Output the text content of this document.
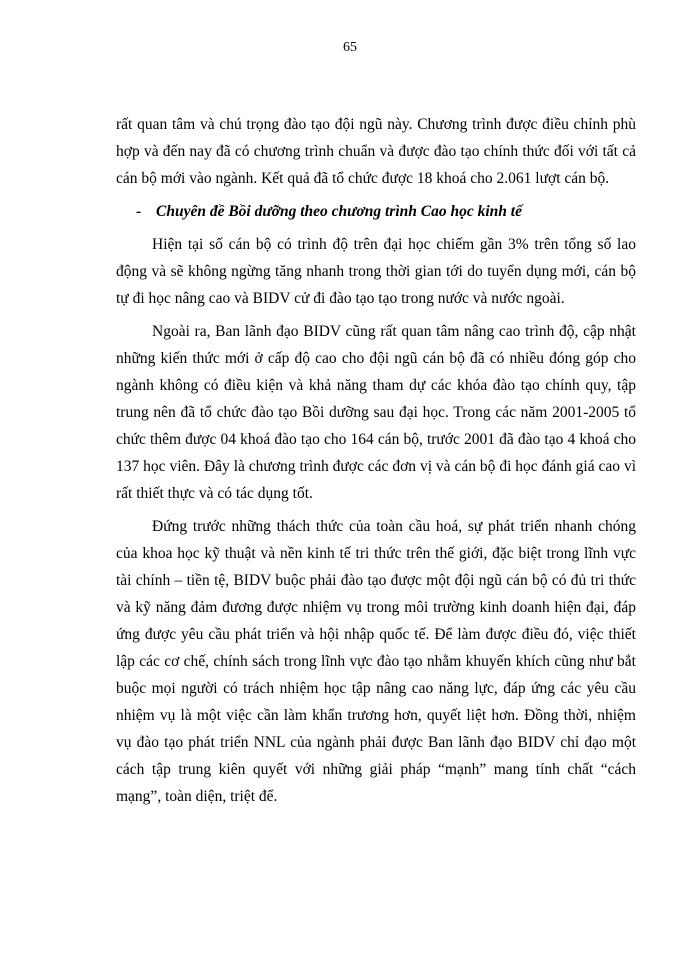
65

rất quan tâm và chú trọng đào tạo đội ngũ này. Chương trình được điều chỉnh phù hợp và đến nay đã có chương trình chuẩn và được đào tạo chính thức đối với tất cả cán bộ mới vào ngành. Kết quả đã tổ chức được 18 khoá cho 2.061 lượt cán bộ.

- Chuyên đề Bồi dưỡng theo chương trình Cao học kinh tế

Hiện tại số cán bộ có trình độ trên đại học chiếm gần 3% trên tổng số lao động và sẽ không ngừng tăng nhanh trong thời gian tới do tuyển dụng mới, cán bộ tự đi học nâng cao và BIDV cử đi đào tạo tạo trong nước và nước ngoài.

Ngoài ra, Ban lãnh đạo BIDV cũng rất quan tâm nâng cao trình độ, cập nhật những kiến thức mới ở cấp độ cao cho đội ngũ cán bộ đã có nhiều đóng góp cho ngành không có điều kiện và khả năng tham dự các khóa đào tạo chính quy, tập trung nên đã tổ chức đào tạo Bồi dưỡng sau đại học. Trong các năm 2001-2005 tổ chức thêm được 04 khoá đào tạo cho 164 cán bộ, trước 2001 đã đào tạo 4 khoá cho 137 học viên. Đây là chương trình được các đơn vị và cán bộ đi học đánh giá cao vì rất thiết thực và có tác dụng tốt.

Đứng trước những thách thức của toàn cầu hoá, sự phát triển nhanh chóng của khoa học kỹ thuật và nền kinh tế tri thức trên thế giới, đặc biệt trong lĩnh vực tài chính – tiền tệ, BIDV buộc phải đào tạo được một đội ngũ cán bộ có đủ tri thức và kỹ năng đảm đương được nhiệm vụ trong môi trường kinh doanh hiện đại, đáp ứng được yêu cầu phát triển và hội nhập quốc tế. Để làm được điều đó, việc thiết lập các cơ chế, chính sách trong lĩnh vực đào tạo nhằm khuyến khích cũng như bắt buộc mọi người có trách nhiệm học tập nâng cao năng lực, đáp ứng các yêu cầu nhiệm vụ là một việc cần làm khẩn trương hơn, quyết liệt hơn. Đồng thời, nhiệm vụ đào tạo phát triển NNL của ngành phải được Ban lãnh đạo BIDV chỉ đạo một cách tập trung kiên quyết với những giải pháp “mạnh” mang tính chất “cách mạng”, toàn diện, triệt để.
